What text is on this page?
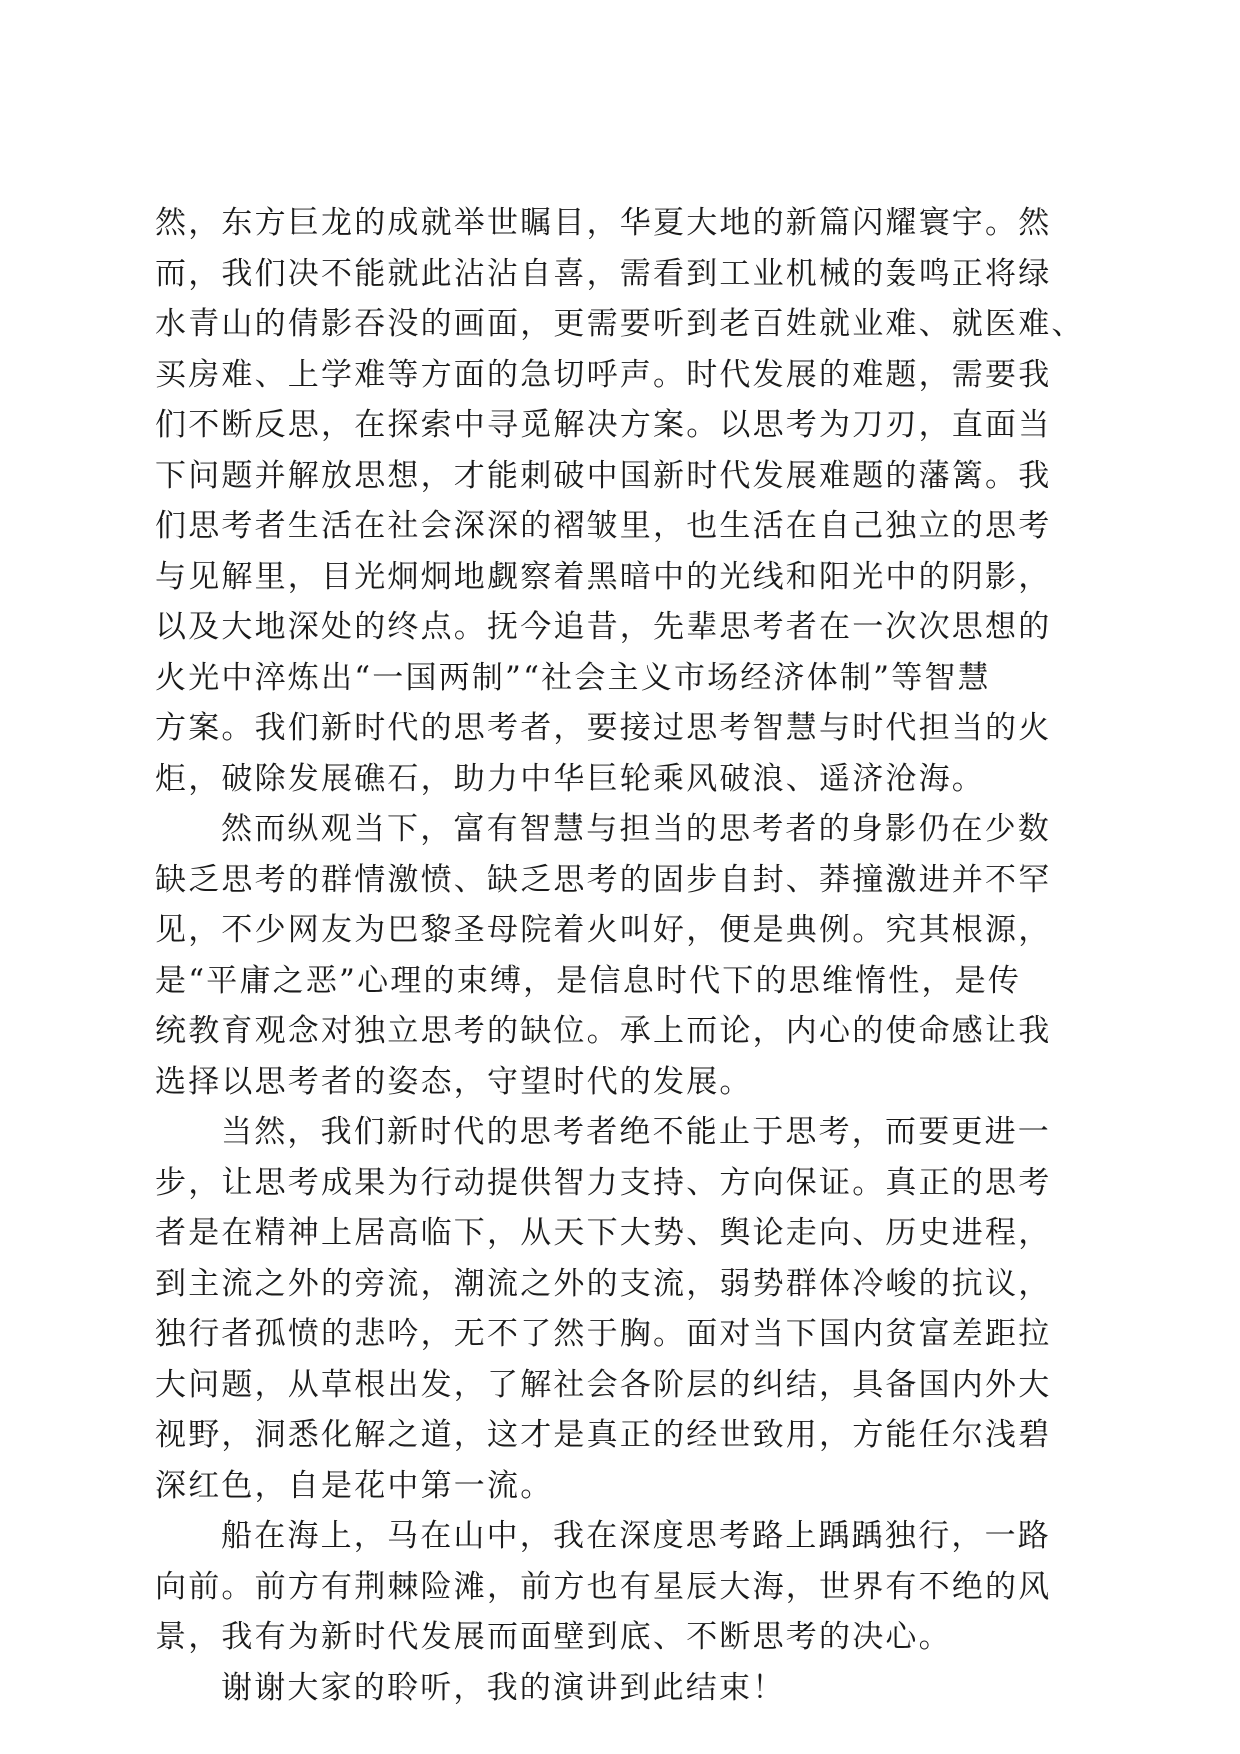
然，东方巨龙的成就举世瞩目，华夏大地的新篇闪耀寰宇。然
而，我们决不能就此沾沾自喜，需看到工业机械的轰鸣正将绿
水青山的倩影吞没的画面，更需要听到老百姓就业难、就医难、
买房难、上学难等方面的急切呼声。时代发展的难题，需要我
们不断反思，在探索中寻觅解决方案。以思考为刀刃，直面当
下问题并解放思想，才能刺破中国新时代发展难题的藩篱。我
们思考者生活在社会深深的褶皱里，也生活在自己独立的思考
与见解里，目光炯炯地觑察着黑暗中的光线和阳光中的阴影，
以及大地深处的终点。抚今追昔，先辈思考者在一次次思想的
火光中淬炼出“一国两制”“社会主义市场经济体制”等智慧
方案。我们新时代的思考者，要接过思考智慧与时代担当的火
炬，破除发展礁石，助力中华巨轮乘风破浪、遥济沧海。
然而纵观当下，富有智慧与担当的思考者的身影仍在少数
缺乏思考的群情激愤、缺乏思考的固步自封、莽撞激进并不罕
见，不少网友为巴黎圣母院着火叫好，便是典例。究其根源，
是“平庸之恶”心理的束缚，是信息时代下的思维惰性，是传
统教育观念对独立思考的缺位。承上而论，内心的使命感让我
选择以思考者的姿态，守望时代的发展。
当然，我们新时代的思考者绝不能止于思考，而要更进一
步，让思考成果为行动提供智力支持、方向保证。真正的思考
者是在精神上居高临下，从天下大势、舆论走向、历史进程，
到主流之外的旁流，潮流之外的支流，弱势群体冷峻的抗议，
独行者孤愤的悲吟，无不了然于胸。面对当下国内贫富差距拉
大问题，从草根出发，了解社会各阶层的纠结，具备国内外大
视野，洞悉化解之道，这才是真正的经世致用，方能任尔浅碧
深红色，自是花中第一流。
船在海上，马在山中，我在深度思考路上踽踽独行，一路
向前。前方有荆棘险滩，前方也有星辰大海，世界有不绝的风
景，我有为新时代发展而面壁到底、不断思考的决心。
谢谢大家的聆听，我的演讲到此结束！
